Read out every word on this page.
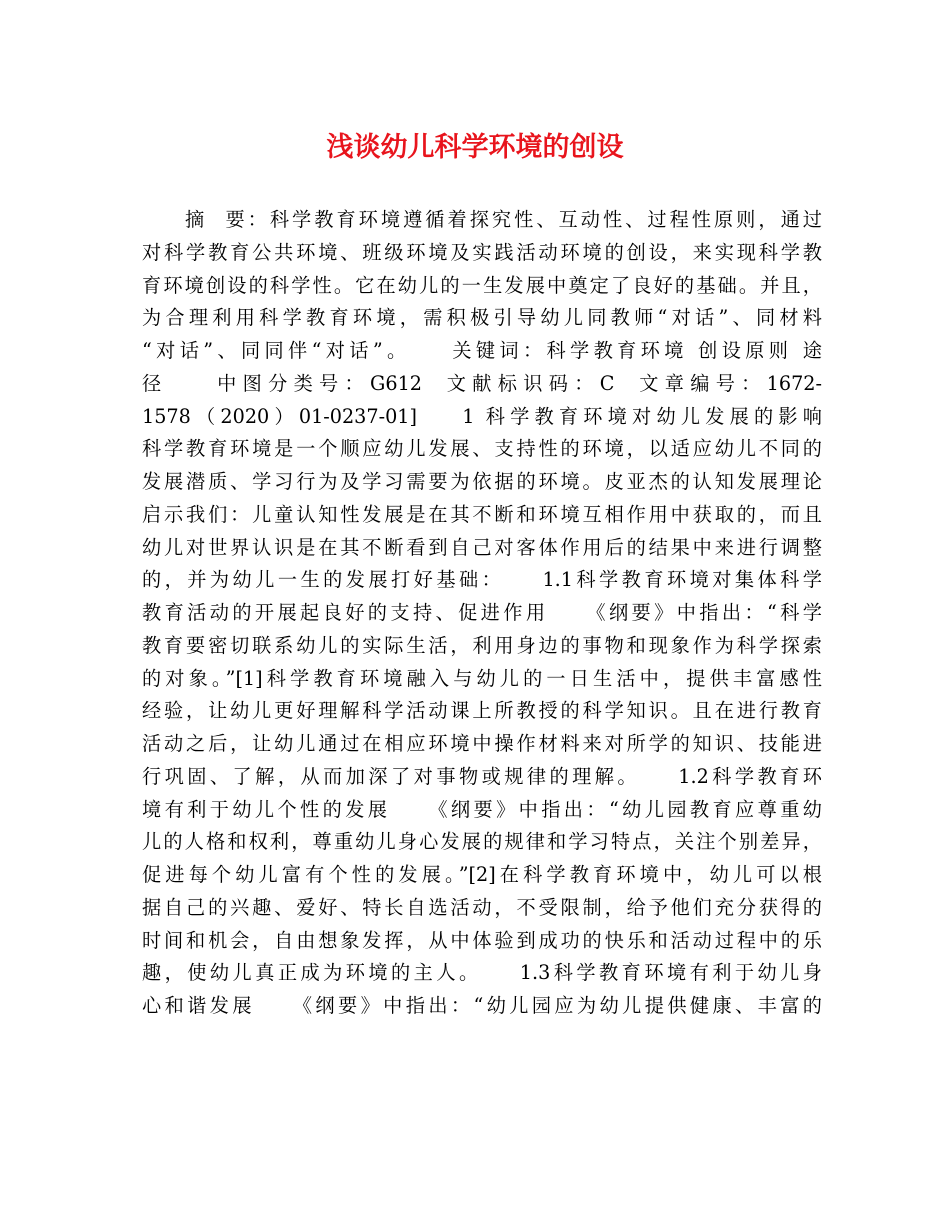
浅谈幼儿科学环境的创设
摘  要：科学教育环境遵循着探究性、互动性、过程性原则，通过
对科学教育公共环境、班级环境及实践活动环境的创设，来实现科学教
育环境创设的科学性。它在幼儿的一生发展中奠定了良好的基础。并且，
为合理利用科学教育环境，需积极引导幼儿同教师“对话”、同材料
“对话”、同同伴“对话”。    关键词：科学教育环境 创设原则 途
径    中图分类号：G612  文献标识码：C  文章编号：1672-
1578（2020）01-0237-01]    1 科学教育环境对幼儿发展的影响
科学教育环境是一个顺应幼儿发展、支持性的环境，以适应幼儿不同的
发展潜质、学习行为及学习需要为依据的环境。皮亚杰的认知发展理论
启示我们：儿童认知性发展是在其不断和环境互相作用中获取的，而且
幼儿对世界认识是在其不断看到自己对客体作用后的结果中来进行调整
的，并为幼儿一生的发展打好基础：    1.1科学教育环境对集体科学
教育活动的开展起良好的支持、促进作用    《纲要》中指出：“科学
教育要密切联系幼儿的实际生活，利用身边的事物和现象作为科学探索
的对象。”[1]科学教育环境融入与幼儿的一日生活中，提供丰富感性
经验，让幼儿更好理解科学活动课上所教授的科学知识。且在进行教育
活动之后，让幼儿通过在相应环境中操作材料来对所学的知识、技能进
行巩固、了解，从而加深了对事物或规律的理解。    1.2科学教育环
境有利于幼儿个性的发展    《纲要》中指出：“幼儿园教育应尊重幼
儿的人格和权利，尊重幼儿身心发展的规律和学习特点，关注个别差异，
促进每个幼儿富有个性的发展。”[2]在科学教育环境中，幼儿可以根
据自己的兴趣、爱好、特长自选活动，不受限制，给予他们充分获得的
时间和机会，自由想象发挥，从中体验到成功的快乐和活动过程中的乐
趣，使幼儿真正成为环境的主人。    1.3科学教育环境有利于幼儿身
心和谐发展    《纲要》中指出：“幼儿园应为幼儿提供健康、丰富的
